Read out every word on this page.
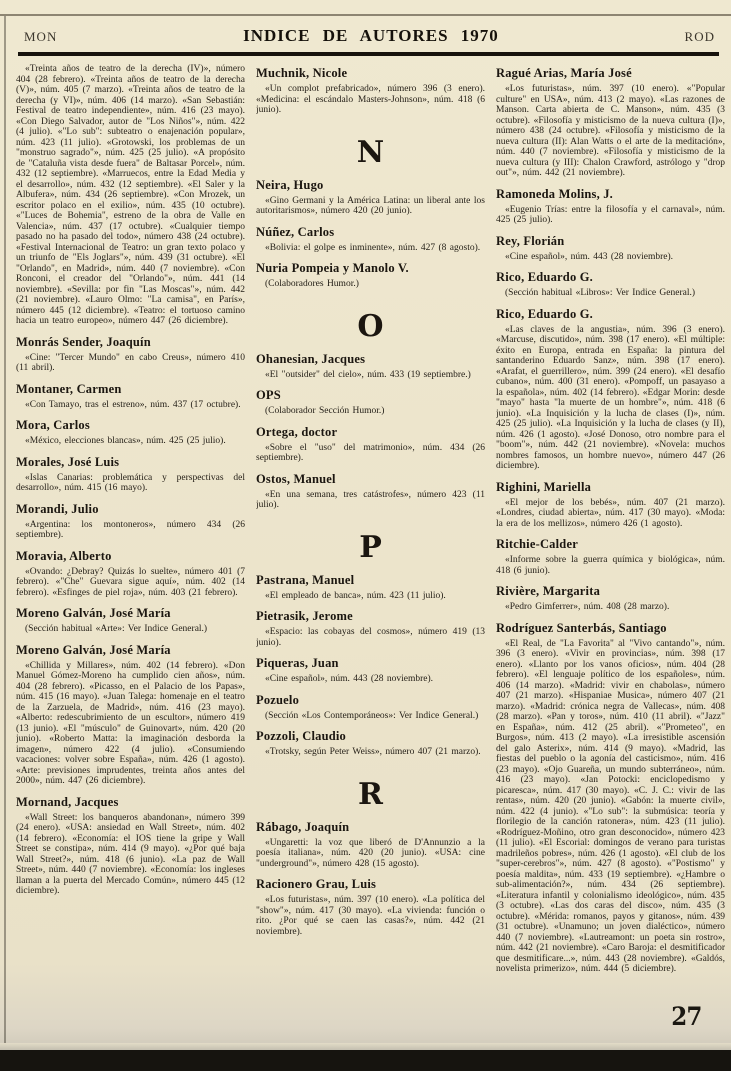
MON	INDICE DE AUTORES 1970	ROD

«Treinta años de teatro de la derecha (IV)», número 404 (28 febrero). «Treinta años de teatro de la derecha (V)», núm. 405 (7 marzo). «Treinta años de teatro de la derecha (y VI)», núm. 406 (14 marzo). «San Sebastián: Festival de teatro independiente», núm. 416 (23 mayo). «Con Diego Salvador, autor de "Los Niños"», núm. 422 (4 julio). «"Lo sub": subteatro o enajenación popular», núm. 423 (11 julio). «Grotowski, los problemas de un "monstruo sagrado"», núm. 425 (25 julio). «A propósito de "Cataluña vista desde fuera" de Baltasar Porcel», núm. 432 (12 septiembre). «Marruecos, entre la Edad Media y el desarrollo», núm. 432 (12 septiembre). «El Saler y la Albufera», núm. 434 (26 septiembre). «Con Mrozek, un escritor polaco en el exilio», núm. 435 (10 octubre). «"Luces de Bohemia", estreno de la obra de Valle en Valencia», núm. 437 (17 octubre). «Cualquier tiempo pasado no ha pasado del todo», número 438 (24 octubre). «Festival Internacional de Teatro: un gran texto polaco y un triunfo de "Els Joglars"», núm. 439 (31 octubre). «El "Orlando", en Madrid», núm. 440 (7 noviembre). «Con Ronconi, el creador del "Orlando"», núm. 441 (14 noviembre). «Sevilla: por fin "Las Moscas"», núm. 442 (21 noviembre). «Lauro Olmo: "La camisa", en París», número 445 (12 diciembre). «Teatro: el tortuoso camino hacia un teatro europeo», número 447 (26 diciembre).

Monrás Sender, Joaquín

«Cine: "Tercer Mundo" en cabo Creus», número 410 (11 abril).

Montaner, Carmen

«Con Tamayo, tras el estreno», núm. 437 (17 octubre).

Mora, Carlos

«México, elecciones blancas», núm. 425 (25 julio).

Morales, José Luis

«Islas Canarias: problemática y perspectivas del desarrollo», núm. 415 (16 mayo).

Morandi, Julio

«Argentina: los montoneros», número 434 (26 septiembre).

Moravia, Alberto

«Ovando: ¿Debray? Quizás lo suelte», número 401 (7 febrero). «"Che" Guevara sigue aquí», núm. 402 (14 febrero). «Esfinges de piel roja», núm. 403 (21 febrero).

Moreno Galván, José María

(Sección habitual «Arte»: Ver Indice General.)

Moreno Galván, José María

«Chillida y Millares», núm. 402 (14 febrero). «Don Manuel Gómez-Moreno ha cumplido cien años», núm. 404 (28 febrero). «Picasso, en el Palacio de los Papas», núm. 415 (16 mayo). «Juan Talega: homenaje en el teatro de la Zarzuela, de Madrid», núm. 416 (23 mayo). «Alberto: redescubrimiento de un escultor», número 419 (13 junio). «El "músculo" de Guinovart», núm. 420 (20 junio). «Roberto Matta: la imaginación desborda la imagen», número 422 (4 julio). «Consumiendo vacaciones: volver sobre España», núm. 426 (1 agosto). «Arte: previsiones imprudentes, treinta años antes del 2000», núm. 447 (26 diciembre).

Mornand, Jacques

«Wall Street: los banqueros abandonan», número 399 (24 enero). «USA: ansiedad en Wall Street», núm. 402 (14 febrero). «Economía: el IOS tiene la gripe y Wall Street se constipa», núm. 414 (9 mayo). «¿Por qué baja Wall Street?», núm. 418 (6 junio). «La paz de Wall Street», núm. 440 (7 noviembre). «Economía: los ingleses llaman a la puerta del Mercado Común», número 445 (12 diciembre).

Muchnik, Nicole

«Un complot prefabricado», número 396 (3 enero). «Medicina: el escándalo Masters-Johnson», núm. 418 (6 junio).

N
Neira, Hugo

«Gino Germani y la América Latina: un liberal ante los autoritarismos», número 420 (20 junio).

Núñez, Carlos

«Bolivia: el golpe es inminente», núm. 427 (8 agosto).

Nuria Pompeia y Manolo V.

(Colaboradores Humor.)

O
Ohanesian, Jacques

«El "outsider" del cielo», núm. 433 (19 septiembre.)

OPS

(Colaborador Sección Humor.)

Ortega, doctor

«Sobre el "uso" del matrimonio», núm. 434 (26 septiembre).

Ostos, Manuel

«En una semana, tres catástrofes», número 423 (11 julio).

P
Pastrana, Manuel

«El empleado de banca», núm. 423 (11 julio).

Pietrasik, Jerome

«Espacio: las cobayas del cosmos», número 419 (13 junio).

Piqueras, Juan

«Cine español», núm. 443 (28 noviembre).

Pozuelo

(Sección «Los Contemporáneos»: Ver Indice General.)

Pozzoli, Claudio

«Trotsky, según Peter Weiss», número 407 (21 marzo).

R
Rábago, Joaquín

«Ungaretti: la voz que liberó de D'Annunzio a la poesía italiana», núm. 420 (20 junio). «USA: cine "underground"», número 428 (15 agosto).

Racionero Grau, Luis

«Los futuristas», núm. 397 (10 enero). «La política del "show"», núm. 417 (30 mayo). «La vivienda: función o rito. ¿Por qué se caen las casas?», núm. 442 (21 noviembre).

Ragué Arias, María José

«Los futuristas», núm. 397 (10 enero). «"Popular culture" en USA», núm. 413 (2 mayo). «Las razones de Manson. Carta abierta de C. Manson», núm. 435 (3 octubre). «Filosofía y misticismo de la nueva cultura (I)», número 438 (24 octubre). «Filosofía y misticismo de la nueva cultura (II): Alan Watts o el arte de la meditación», núm. 440 (7 noviembre). «Filosofía y misticismo de la nueva cultura (y III): Chalon Crawford, astrólogo y "drop out"», núm. 442 (21 noviembre).

Ramoneda Molins, J.

«Eugenio Trías: entre la filosofía y el carnaval», núm. 425 (25 julio).

Rey, Florián

«Cine español», núm. 443 (28 noviembre).

Rico, Eduardo G.

(Sección habitual «Libros»: Ver Indice General.)

Rico, Eduardo G.

«Las claves de la angustia», núm. 396 (3 enero). «Marcuse, discutido», núm. 398 (17 enero). «El múltiple: éxito en Europa, entrada en España: la pintura del santanderino Eduardo Sanz», núm. 398 (17 enero). «Arafat, el guerrillero», núm. 399 (24 enero). «El desafío cubano», núm. 400 (31 enero). «Pompoff, un pasayaso a la española», núm. 402 (14 febrero). «Edgar Morin: desde "mayo" hasta "la muerte de un hombre"», núm. 418 (6 junio). «La Inquisición y la lucha de clases (I)», núm. 425 (25 julio). «La Inquisición y la lucha de clases (y II), núm. 426 (1 agosto). «José Donoso, otro nombre para el "boom"», núm. 442 (21 noviembre). «Novela: muchos nombres famosos, un hombre nuevo», número 447 (26 diciembre).

Righini, Mariella

«El mejor de los bebés», núm. 407 (21 marzo). «Londres, ciudad abierta», núm. 417 (30 mayo). «Moda: la era de los mellizos», número 426 (1 agosto).

Ritchie-Calder

«Informe sobre la guerra química y biológica», núm. 418 (6 junio).

Rivière, Margarita

«Pedro Gimferrer», núm. 408 (28 marzo).

Rodríguez Santerbás, Santiago

«El Real, de "La Favorita" al "Vivo cantando"», núm. 396 (3 enero). «Vivir en provincias», núm. 398 (17 enero). «Llanto por los vanos oficios», núm. 404 (28 febrero). «El lenguaje político de los españoles», núm. 406 (14 marzo). «Madrid: vivir en chabolas», número 407 (21 marzo). «Hispaniae Musica», número 407 (21 marzo). «Madrid: crónica negra de Vallecas», núm. 408 (28 marzo). «Pan y toros», núm. 410 (11 abril). «"Jazz" en España», núm. 412 (25 abril). «"Prometeo", en Burgos», núm. 413 (2 mayo). «La irresistible ascensión del galo Asterix», núm. 414 (9 mayo). «Madrid, las fiestas del pueblo o la agonía del casticismo», núm. 416 (23 mayo). «Ojo Guareña, un mundo subterráneo», núm. 416 (23 mayo). «Jan Potocki: enciclopedismo y picaresca», núm. 417 (30 mayo). «C. J. C.: vivir de las rentas», núm. 420 (20 junio). «Gabón: la muerte civil», núm. 422 (4 junio). «"Lo sub": la submúsica: teoría y florilegio de la canción ratonera», núm. 423 (11 julio). «Rodríguez-Moñino, otro gran desconocido», número 423 (11 julio). «El Escorial: domingos de verano para turistas madrileños pobres», núm. 426 (1 agosto). «El club de los "super-cerebros"», núm. 427 (8 agosto). «"Postismo" y poesía maldita», núm. 433 (19 septiembre). «¿Hambre o sub-alimentación?», núm. 434 (26 septiembre). «Literatura infantil y colonialismo ideológico», núm. 435 (3 octubre). «Las dos caras del disco», núm. 435 (3 octubre). «Mérida: romanos, payos y gitanos», núm. 439 (31 octubre). «Unamuno; un joven dialéctico», número 440 (7 noviembre). «Lautreamont: un poeta sin rostro», núm. 442 (21 noviembre). «Caro Baroja: el desmitificador que desmitificare...», núm. 443 (28 noviembre). «Galdós, novelista primerizo», núm. 444 (5 diciembre).

27
